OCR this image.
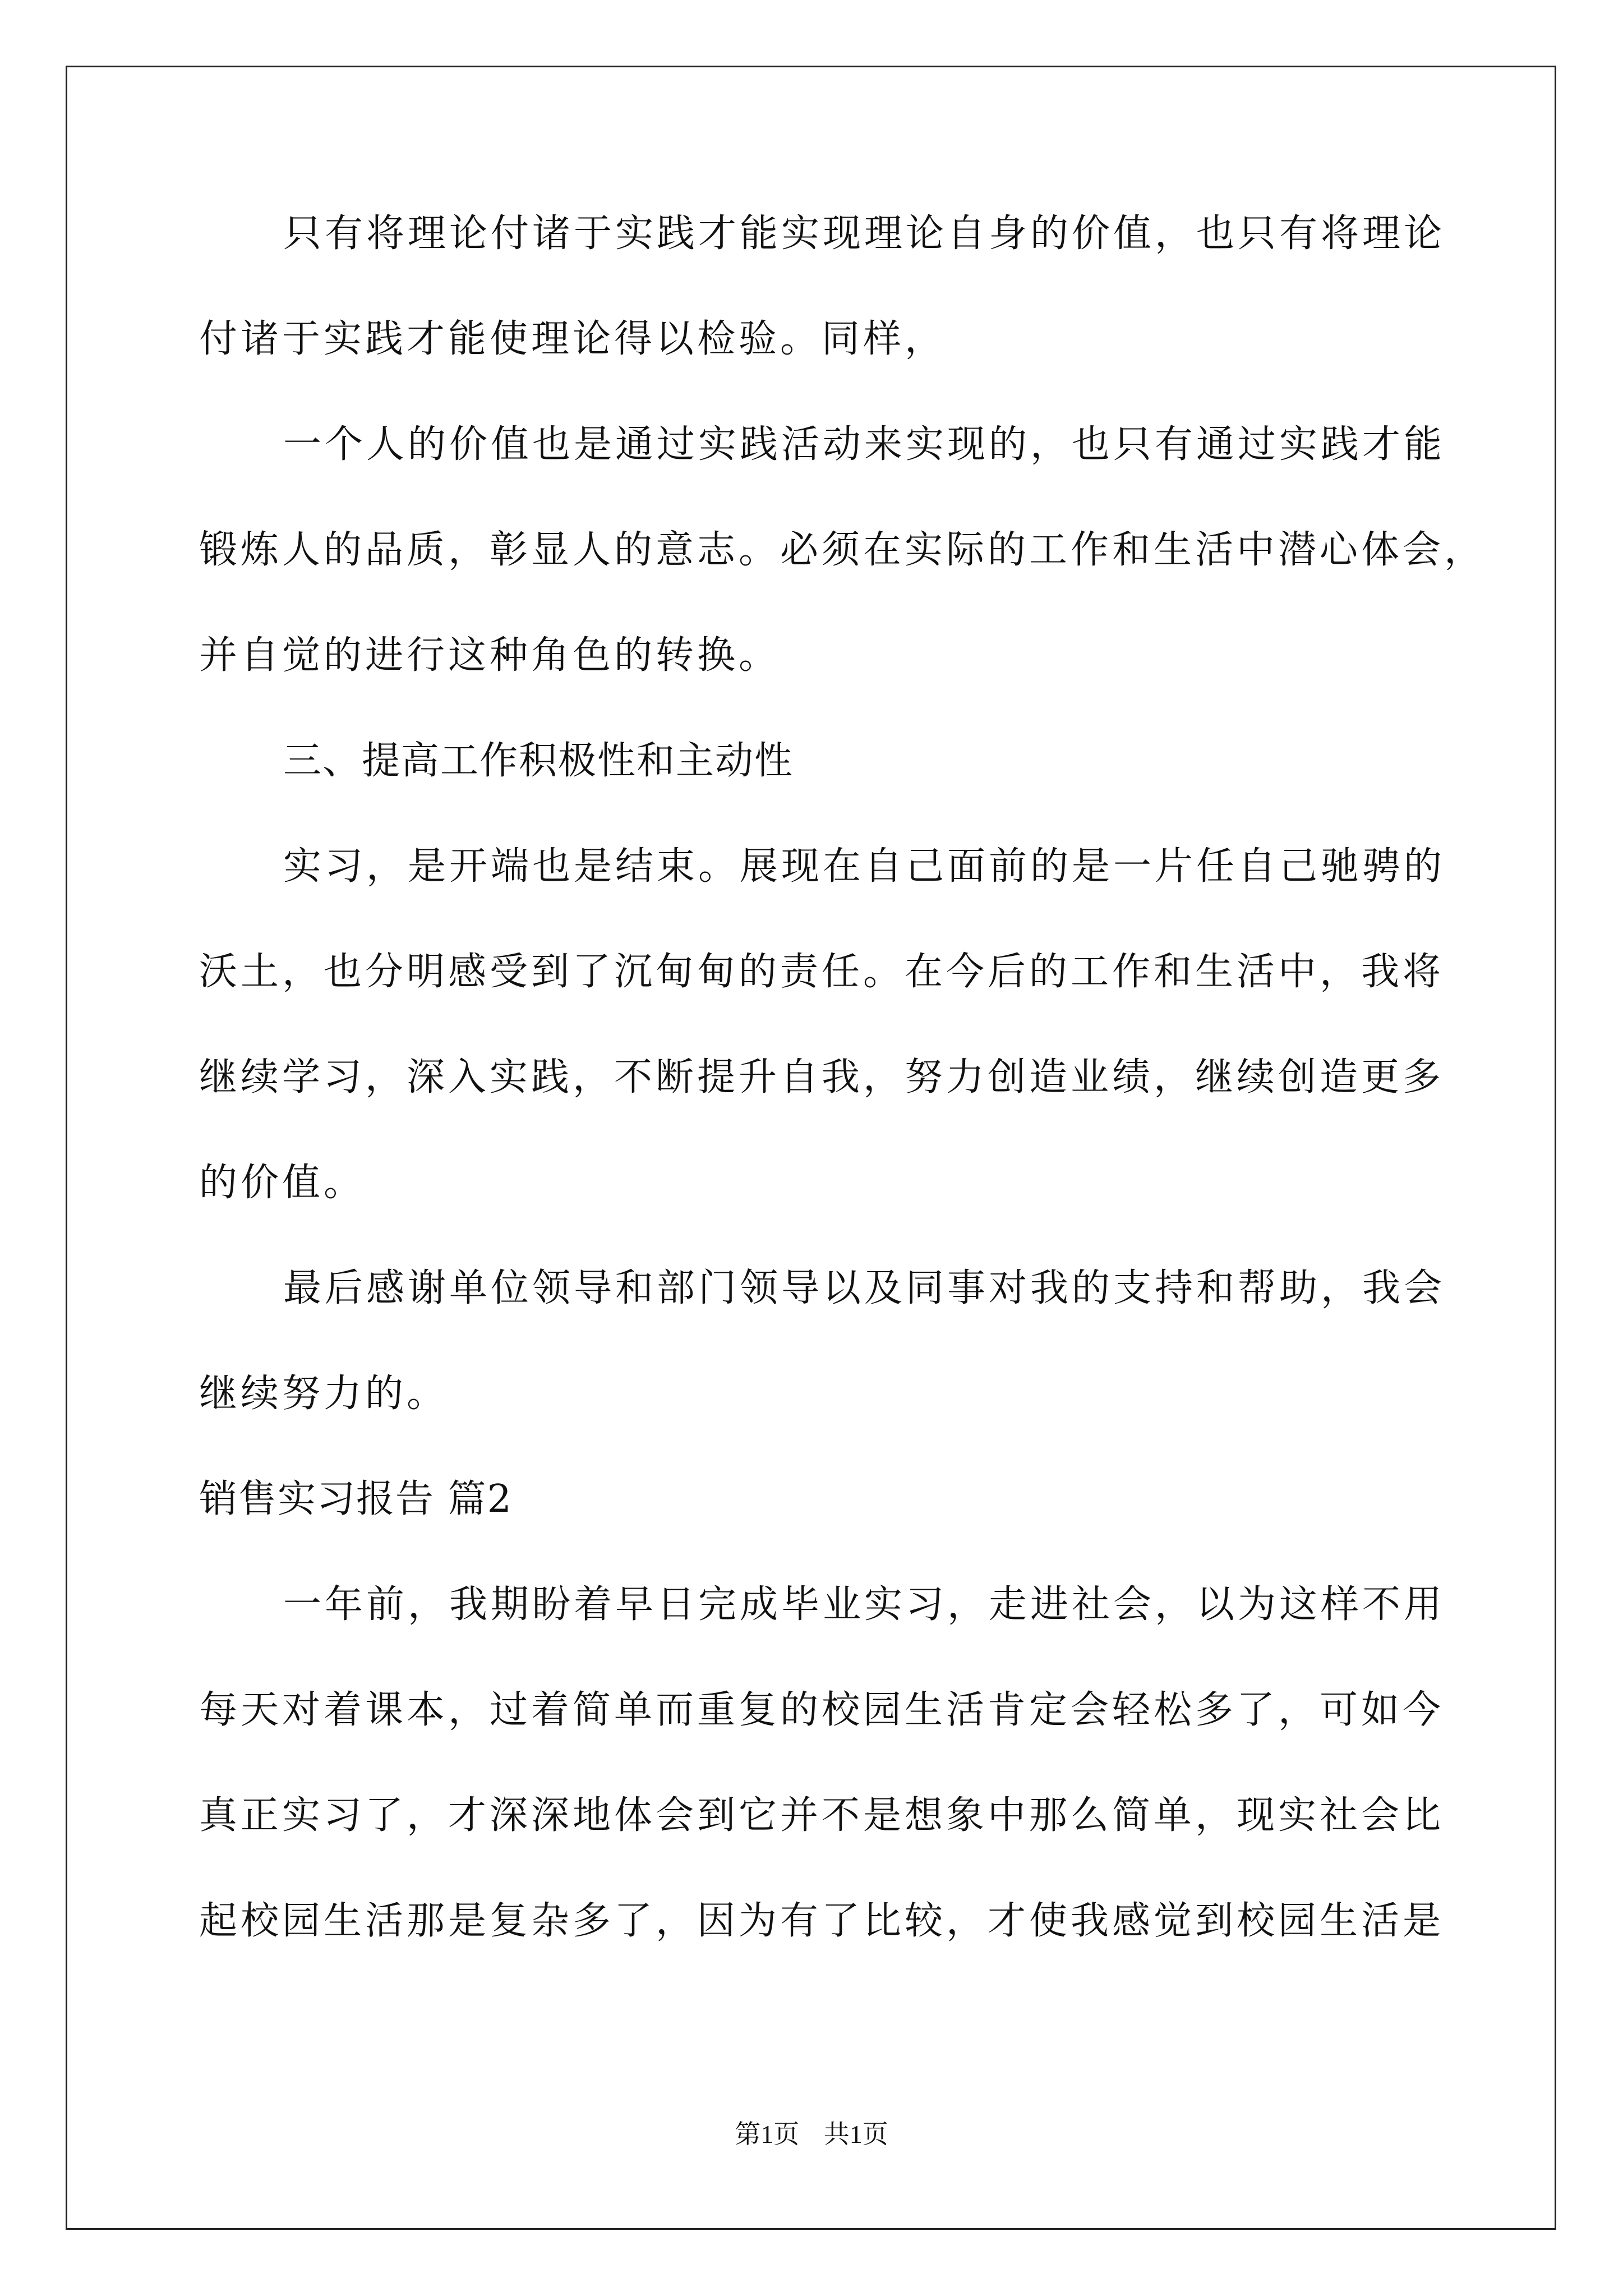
只有将理论付诸于实践才能实现理论自身的价值，也只有将理论
付诸于实践才能使理论得以检验。同样，
一个人的价值也是通过实践活动来实现的，也只有通过实践才能
锻炼人的品质，彰显人的意志。必须在实际的工作和生活中潜心体会，
并自觉的进行这种角色的转换。
三、提高工作积极性和主动性
实习，是开端也是结束。展现在自己面前的是一片任自己驰骋的
沃土，也分明感受到了沉甸甸的责任。在今后的工作和生活中，我将
继续学习，深入实践，不断提升自我，努力创造业绩，继续创造更多
的价值。
最后感谢单位领导和部门领导以及同事对我的支持和帮助，我会
继续努力的。
销售实习报告 篇2
一年前，我期盼着早日完成毕业实习，走进社会，以为这样不用
每天对着课本，过着简单而重复的校园生活肯定会轻松多了，可如今
真正实习了，才深深地体会到它并不是想象中那么简单，现实社会比
起校园生活那是复杂多了，因为有了比较，才使我感觉到校园生活是
第1页 共1页
